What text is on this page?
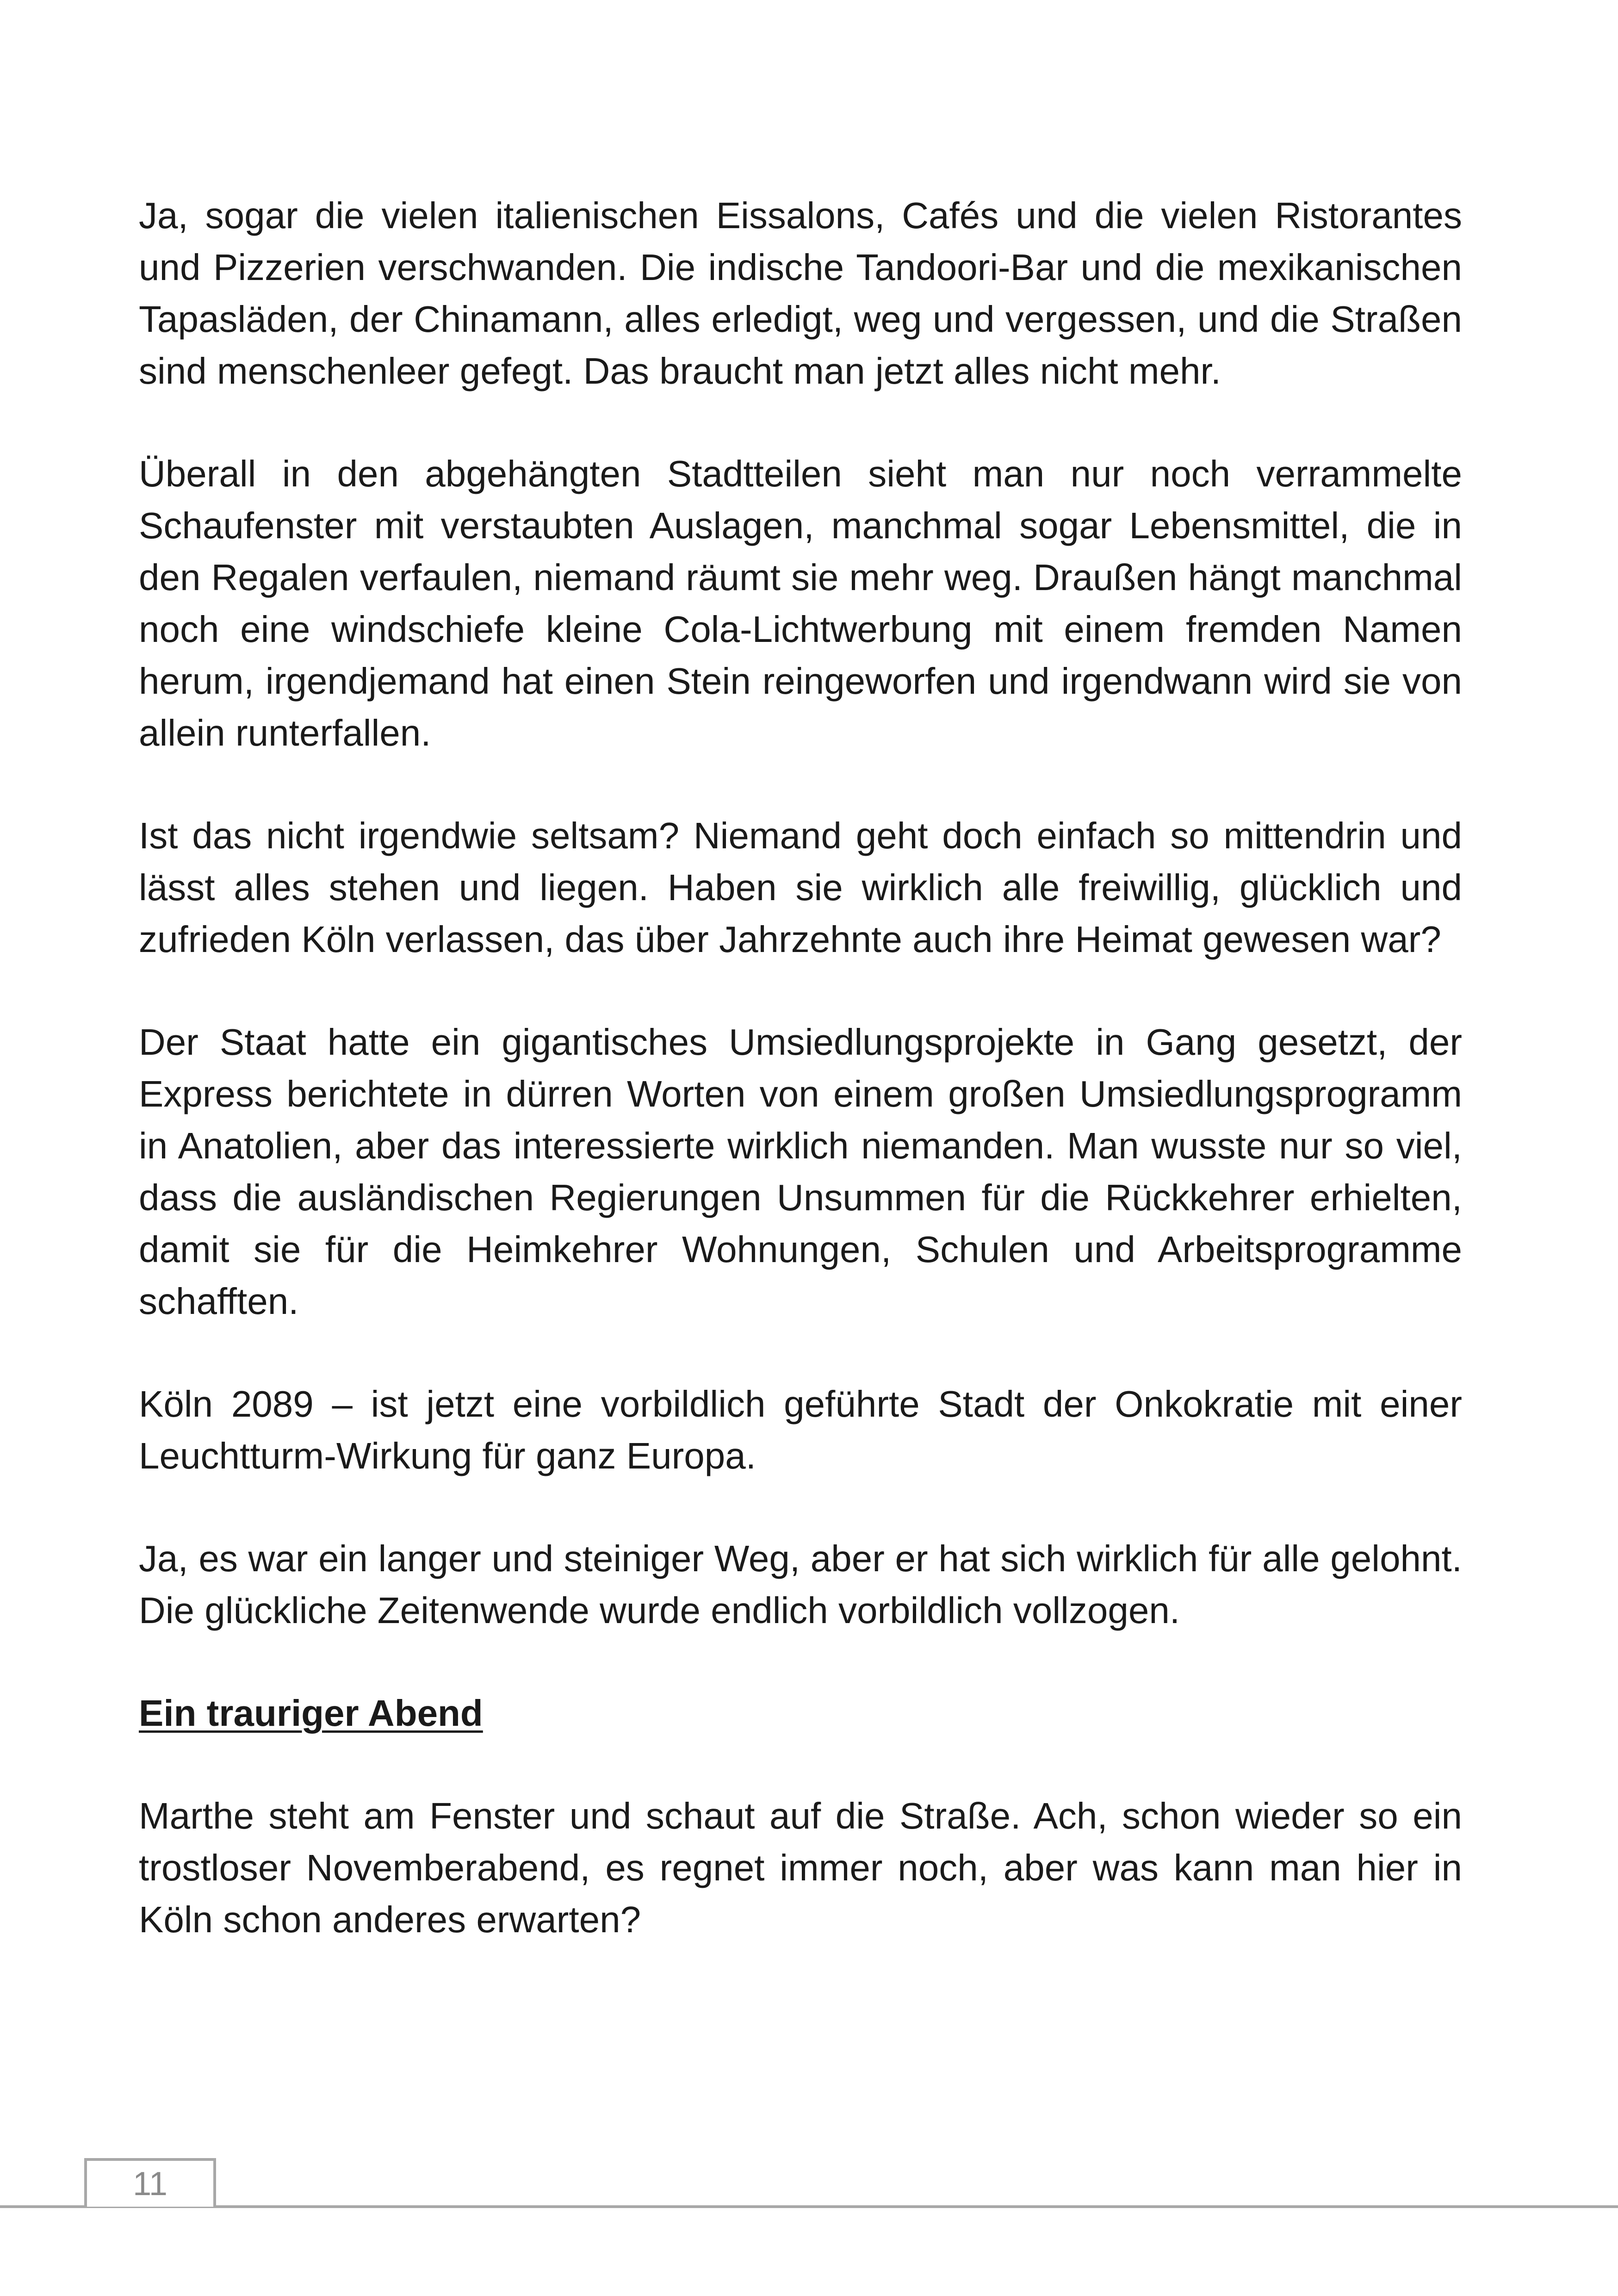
Ja, sogar die vielen italienischen Eissalons, Cafés und die vielen Ristorantes und Pizzerien verschwanden. Die indische Tandoori-Bar und die mexikanischen Tapasläden, der Chinamann, alles erledigt, weg und vergessen, und die Straßen sind menschenleer gefegt. Das braucht man jetzt alles nicht mehr.

Überall in den abgehängten Stadtteilen sieht man nur noch verrammelte Schaufenster mit verstaubten Auslagen, manchmal sogar Lebensmittel, die in den Regalen verfaulen, niemand räumt sie mehr weg. Draußen hängt manchmal noch eine windschiefe kleine Cola-Lichtwerbung mit einem fremden Namen herum, irgendjemand hat einen Stein reingeworfen und irgendwann wird sie von allein runterfallen.

Ist das nicht irgendwie seltsam? Niemand geht doch einfach so mittendrin und lässt alles stehen und liegen. Haben sie wirklich alle freiwillig, glücklich und zufrieden Köln verlassen, das über Jahrzehnte auch ihre Heimat gewesen war?

Der Staat hatte ein gigantisches Umsiedlungsprojekte in Gang gesetzt, der Express berichtete in dürren Worten von einem großen Umsiedlungsprogramm in Anatolien, aber das interessierte wirklich niemanden. Man wusste nur so viel, dass die ausländischen Regierungen Unsummen für die Rückkehrer erhielten, damit sie für die Heimkehrer Wohnungen, Schulen und Arbeitsprogramme schafften.

Köln 2089 – ist jetzt eine vorbildlich geführte Stadt der Onkokratie mit einer Leuchtturm-Wirkung für ganz Europa.

Ja, es war ein langer und steiniger Weg, aber er hat sich wirklich für alle gelohnt. Die glückliche Zeitenwende wurde endlich vorbildlich vollzogen.

Ein trauriger Abend

Marthe steht am Fenster und schaut auf die Straße. Ach, schon wieder so ein trostloser Novemberabend, es regnet immer noch, aber was kann man hier in Köln schon anderes erwarten?

11
